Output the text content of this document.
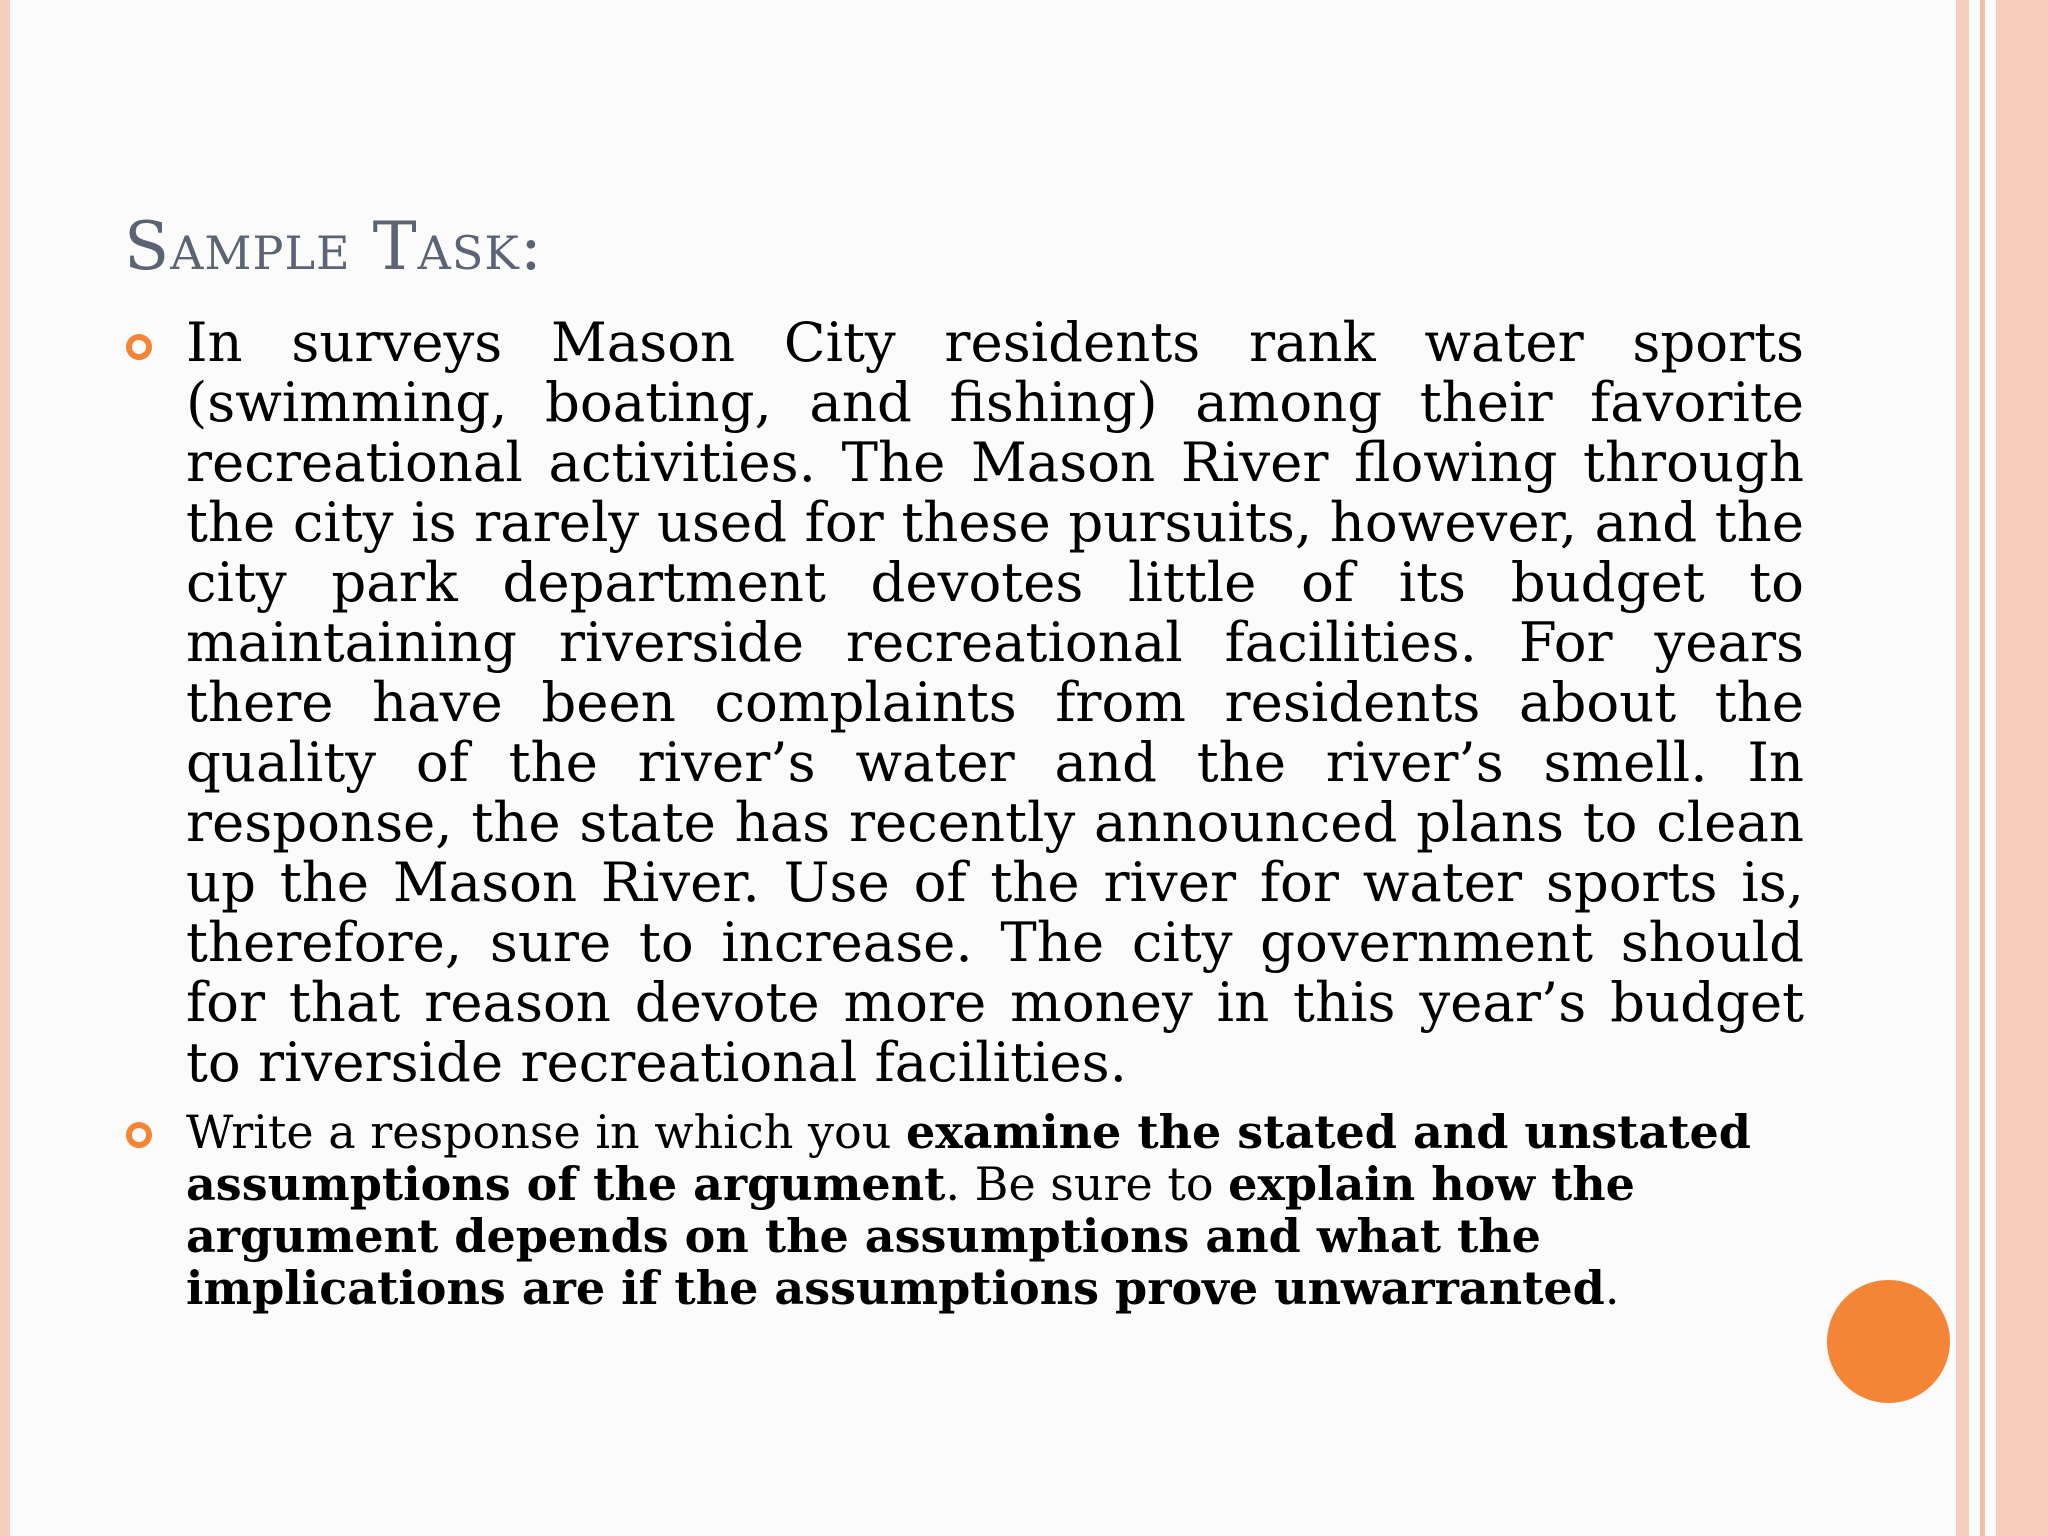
Sample Task:
In surveys Mason City residents rank water sports (swimming, boating, and fishing) among their favorite recreational activities. The Mason River flowing through the city is rarely used for these pursuits, however, and the city park department devotes little of its budget to maintaining riverside recreational facilities. For years there have been complaints from residents about the quality of the river’s water and the river’s smell. In response, the state has recently announced plans to clean up the Mason River. Use of the river for water sports is, therefore, sure to increase. The city government should for that reason devote more money in this year’s budget to riverside recreational facilities.
Write a response in which you examine the stated and unstated assumptions of the argument. Be sure to explain how the argument depends on the assumptions and what the implications are if the assumptions prove unwarranted.
